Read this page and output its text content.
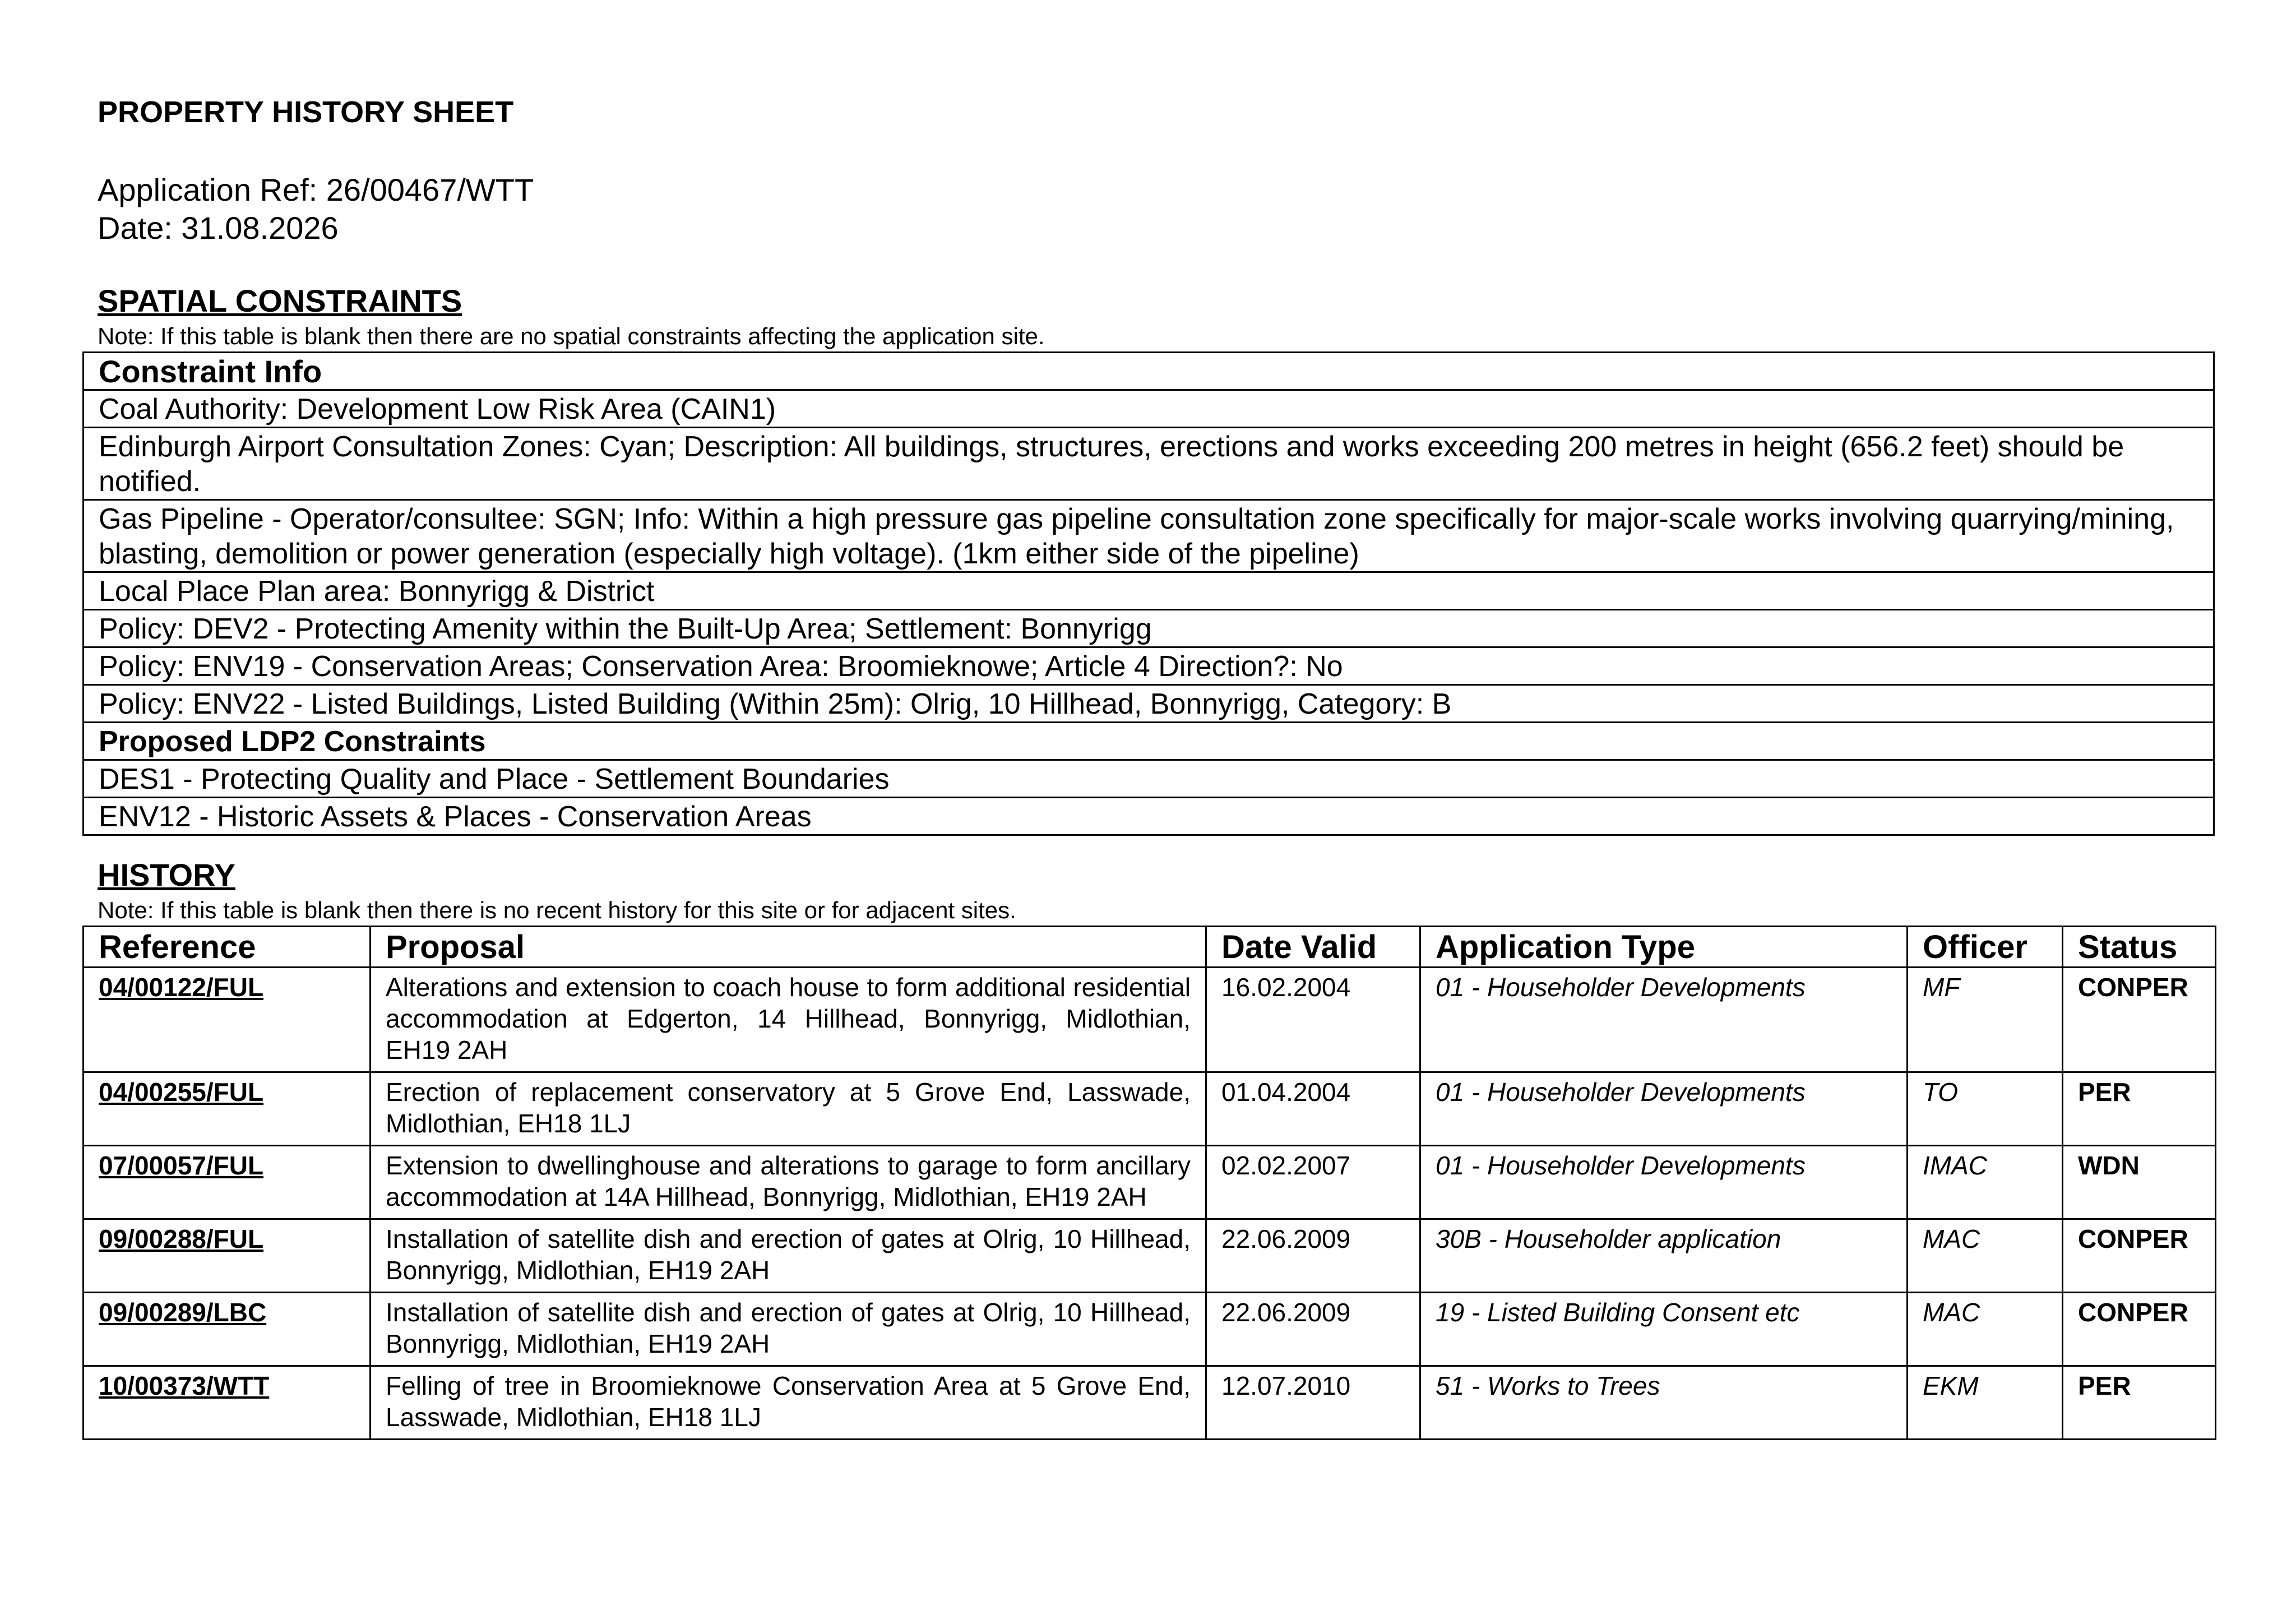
PROPERTY HISTORY SHEET
Application Ref: 26/00467/WTT
Date: 31.08.2026
SPATIAL CONSTRAINTS
Note: If this table is blank then there are no spatial constraints affecting the application site.
Constraint Info
Coal Authority: Development Low Risk Area (CAIN1)
Edinburgh Airport Consultation Zones: Cyan; Description: All buildings, structures, erections and works exceeding 200 metres in height (656.2 feet) should be notified.
Gas Pipeline - Operator/consultee: SGN; Info: Within a high pressure gas pipeline consultation zone specifically for major-scale works involving quarrying/mining, blasting, demolition or power generation (especially high voltage). (1km either side of the pipeline)
Local Place Plan area: Bonnyrigg & District
Policy: DEV2 - Protecting Amenity within the Built-Up Area; Settlement: Bonnyrigg
Policy: ENV19 - Conservation Areas; Conservation Area: Broomieknowe; Article 4 Direction?: No
Policy: ENV22 - Listed Buildings, Listed Building (Within 25m): Olrig, 10 Hillhead, Bonnyrigg, Category: B
Proposed LDP2 Constraints
DES1 - Protecting Quality and Place - Settlement Boundaries
ENV12 - Historic Assets & Places - Conservation Areas
HISTORY
Note: If this table is blank then there is no recent history for this site or for adjacent sites.
Reference	Proposal	Date Valid	Application Type	Officer	Status
04/00122/FUL	Alterations and extension to coach house to form additional residential accommodation at Edgerton, 14 Hillhead, Bonnyrigg, Midlothian, EH19 2AH	16.02.2004	01 - Householder Developments	MF	CONPER
04/00255/FUL	Erection of replacement conservatory at 5 Grove End, Lasswade, Midlothian, EH18 1LJ	01.04.2004	01 - Householder Developments	TO	PER
07/00057/FUL	Extension to dwellinghouse and alterations to garage to form ancillary accommodation at 14A Hillhead, Bonnyrigg, Midlothian, EH19 2AH	02.02.2007	01 - Householder Developments	IMAC	WDN
09/00288/FUL	Installation of satellite dish and erection of gates at Olrig, 10 Hillhead, Bonnyrigg, Midlothian, EH19 2AH	22.06.2009	30B - Householder application	MAC	CONPER
09/00289/LBC	Installation of satellite dish and erection of gates at Olrig, 10 Hillhead, Bonnyrigg, Midlothian, EH19 2AH	22.06.2009	19 - Listed Building Consent etc	MAC	CONPER
10/00373/WTT	Felling of tree in Broomieknowe Conservation Area at 5 Grove End, Lasswade, Midlothian, EH18 1LJ	12.07.2010	51 - Works to Trees	EKM	PER
